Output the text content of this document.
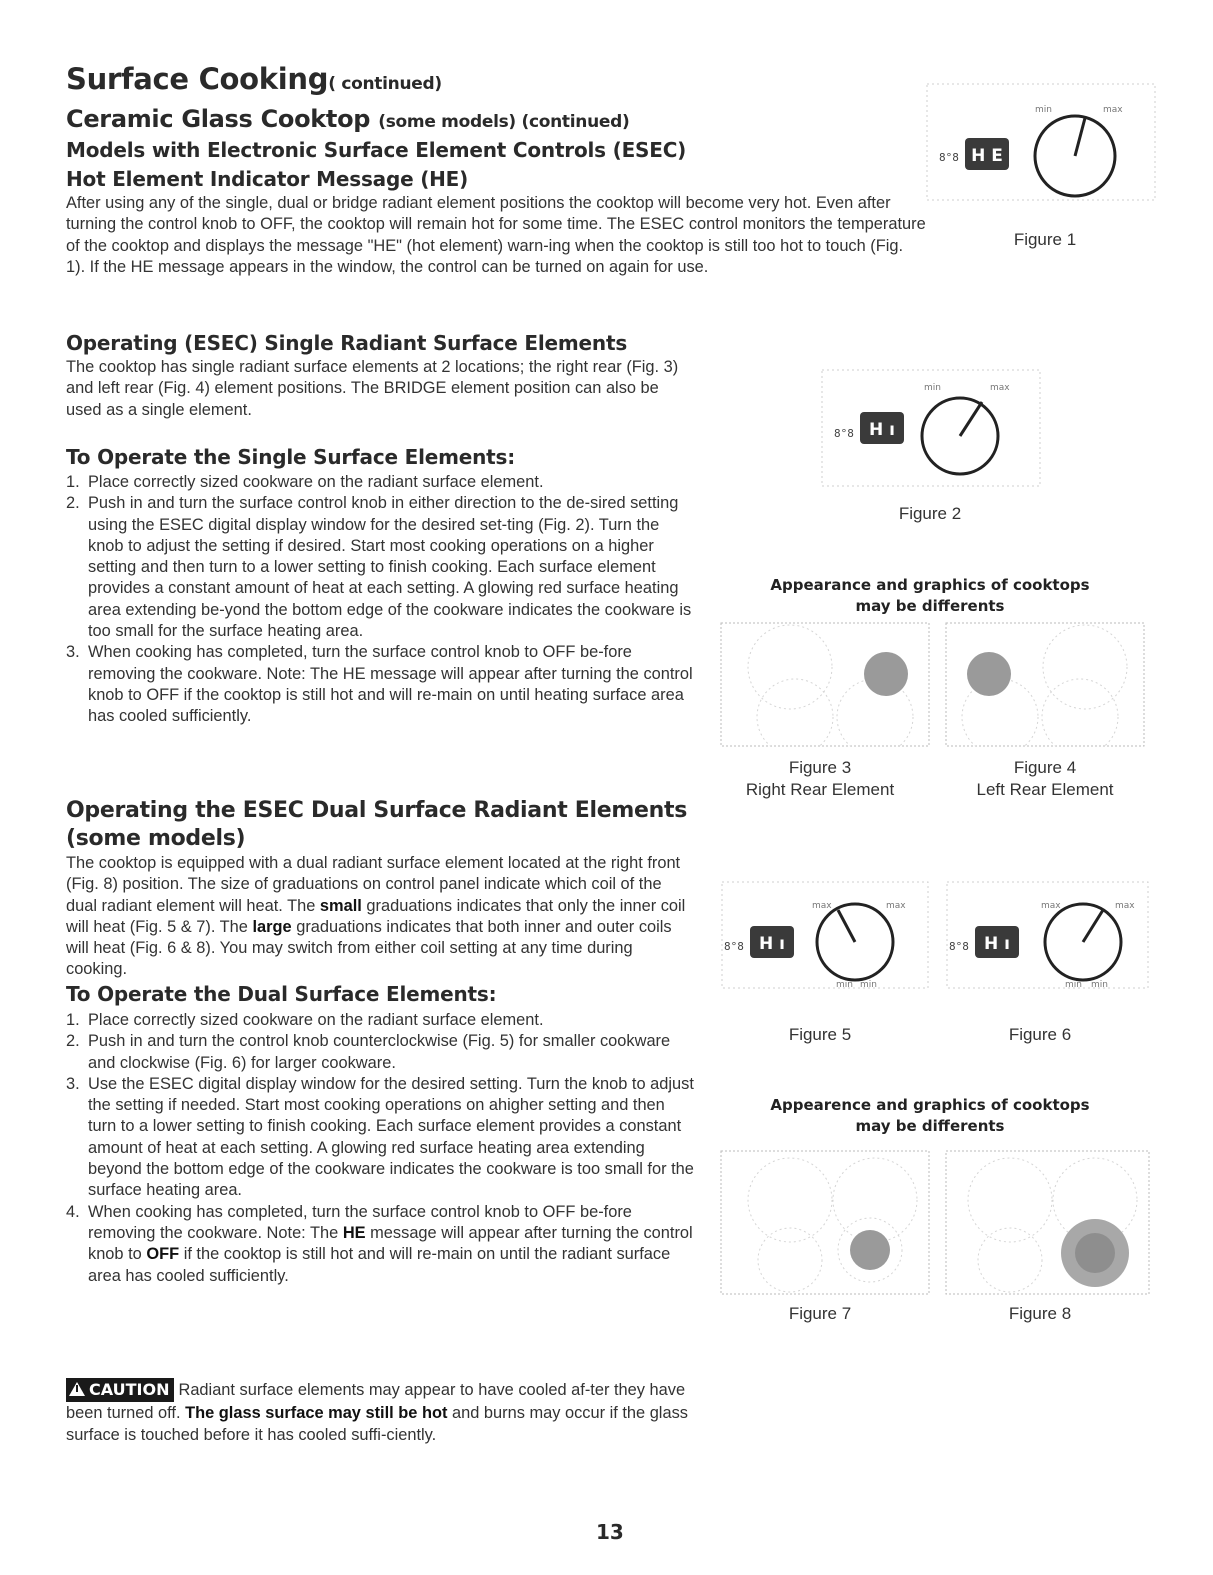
Surface Cooking( continued)
Ceramic Glass Cooktop (some models) (continued)
Models with Electronic Surface Element Controls (ESEC)
Hot Element Indicator Message (HE)
After using any of the single, dual or bridge radiant element positions the cooktop will become very hot. Even after turning the control knob to OFF, the cooktop will remain hot for some time. The ESEC control monitors the temperature of the cooktop and displays the message "HE" (hot element) warn-ing when the cooktop is still too hot to touch (Fig. 1). If the HE message appears in the window, the control can be turned on again for use.
Operating (ESEC) Single Radiant Surface Elements
The cooktop has single radiant surface elements at 2 locations; the right rear (Fig. 3) and left rear (Fig. 4) element positions. The BRIDGE element position can also be used as a single element.
To Operate the Single Surface Elements:
1. Place correctly sized cookware on the radiant surface element.
2. Push in and turn the surface control knob in either direction to the de-sired setting using the ESEC digital display window for the desired set-ting (Fig. 2). Turn the knob to adjust the setting if desired. Start most cooking operations on a higher setting and then turn to a lower setting to finish cooking. Each surface element provides a constant amount of heat at each setting. A glowing red surface heating area extending be-yond the bottom edge of the cookware indicates the cookware is too small for the surface heating area.
3. When cooking has completed, turn the surface control knob to OFF be-fore removing the cookware. Note: The HE message will appear after turning the control knob to OFF if the cooktop is still hot and will re-main on until heating surface area has cooled sufficiently.
Operating the ESEC Dual Surface Radiant Elements
(some models)
The cooktop is equipped with a dual radiant surface element located at the right front (Fig. 8) position. The size of graduations on control panel indicate which coil of the dual radiant element will heat. The small graduations indicates that only the inner coil will heat (Fig. 5 & 7). The large graduations indicates that both inner and outer coils will heat (Fig. 6 & 8). You may switch from either coil setting at any time during cooking.
To Operate the Dual Surface Elements:
1. Place correctly sized cookware on the radiant surface element.
2. Push in and turn the control knob counterclockwise (Fig. 5) for smaller cookware and clockwise (Fig. 6) for larger cookware.
3. Use the ESEC digital display window for the desired setting. Turn the knob to adjust the setting if needed. Start most cooking operations on ahigher setting and then turn to a lower setting to finish cooking. Each surface element provides a constant amount of heat at each setting. A glowing red surface heating area extending beyond the bottom edge of the cookware indicates the cookware is too small for the surface heating area.
4. When cooking has completed, turn the surface control knob to OFF be-fore removing the cookware. Note: The HE message will appear after turning the control knob to OFF if the cooktop is still hot and will re-main on until the radiant surface area has cooled sufficiently.
CAUTION Radiant surface elements may appear to have cooled af-ter they have been turned off. The glass surface may still be hot and burns may occur if the glass surface is touched before it has cooled suffi-ciently.
8°8 H E
min	max
Figure 1
8°8 H ı
min	max
Figure 2
Appearance and graphics of cooktops
may be differents
Figure 3
Right Rear Element
Figure 4
Left Rear Element
8°8 H ı
max	max
min min
Figure 5
8°8 H ı
max	max
min min
Figure 6
Appearence and graphics of cooktops
may be differents
Figure 7	Figure 8
13
